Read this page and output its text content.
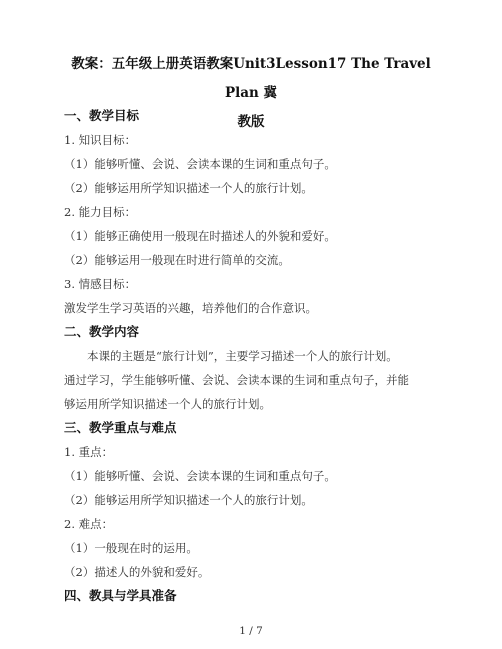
教案：五年级上册英语教案Unit3Lesson17 The Travel Plan 冀
教版
一、教学目标
1. 知识目标：
（1）能够听懂、会说、会读本课的生词和重点句子。
（2）能够运用所学知识描述一个人的旅行计划。
2. 能力目标：
（1）能够正确使用一般现在时描述人的外貌和爱好。
（2）能够运用一般现在时进行简单的交流。
3. 情感目标：
激发学生学习英语的兴趣，培养他们的合作意识。
二、教学内容
本课的主题是“旅行计划”，主要学习描述一个人的旅行计划。
通过学习，学生能够听懂、会说、会读本课的生词和重点句子，并能
够运用所学知识描述一个人的旅行计划。
三、教学重点与难点
1. 重点：
（1）能够听懂、会说、会读本课的生词和重点句子。
（2）能够运用所学知识描述一个人的旅行计划。
2. 难点：
（1）一般现在时的运用。
（2）描述人的外貌和爱好。
四、教具与学具准备
1 / 7
